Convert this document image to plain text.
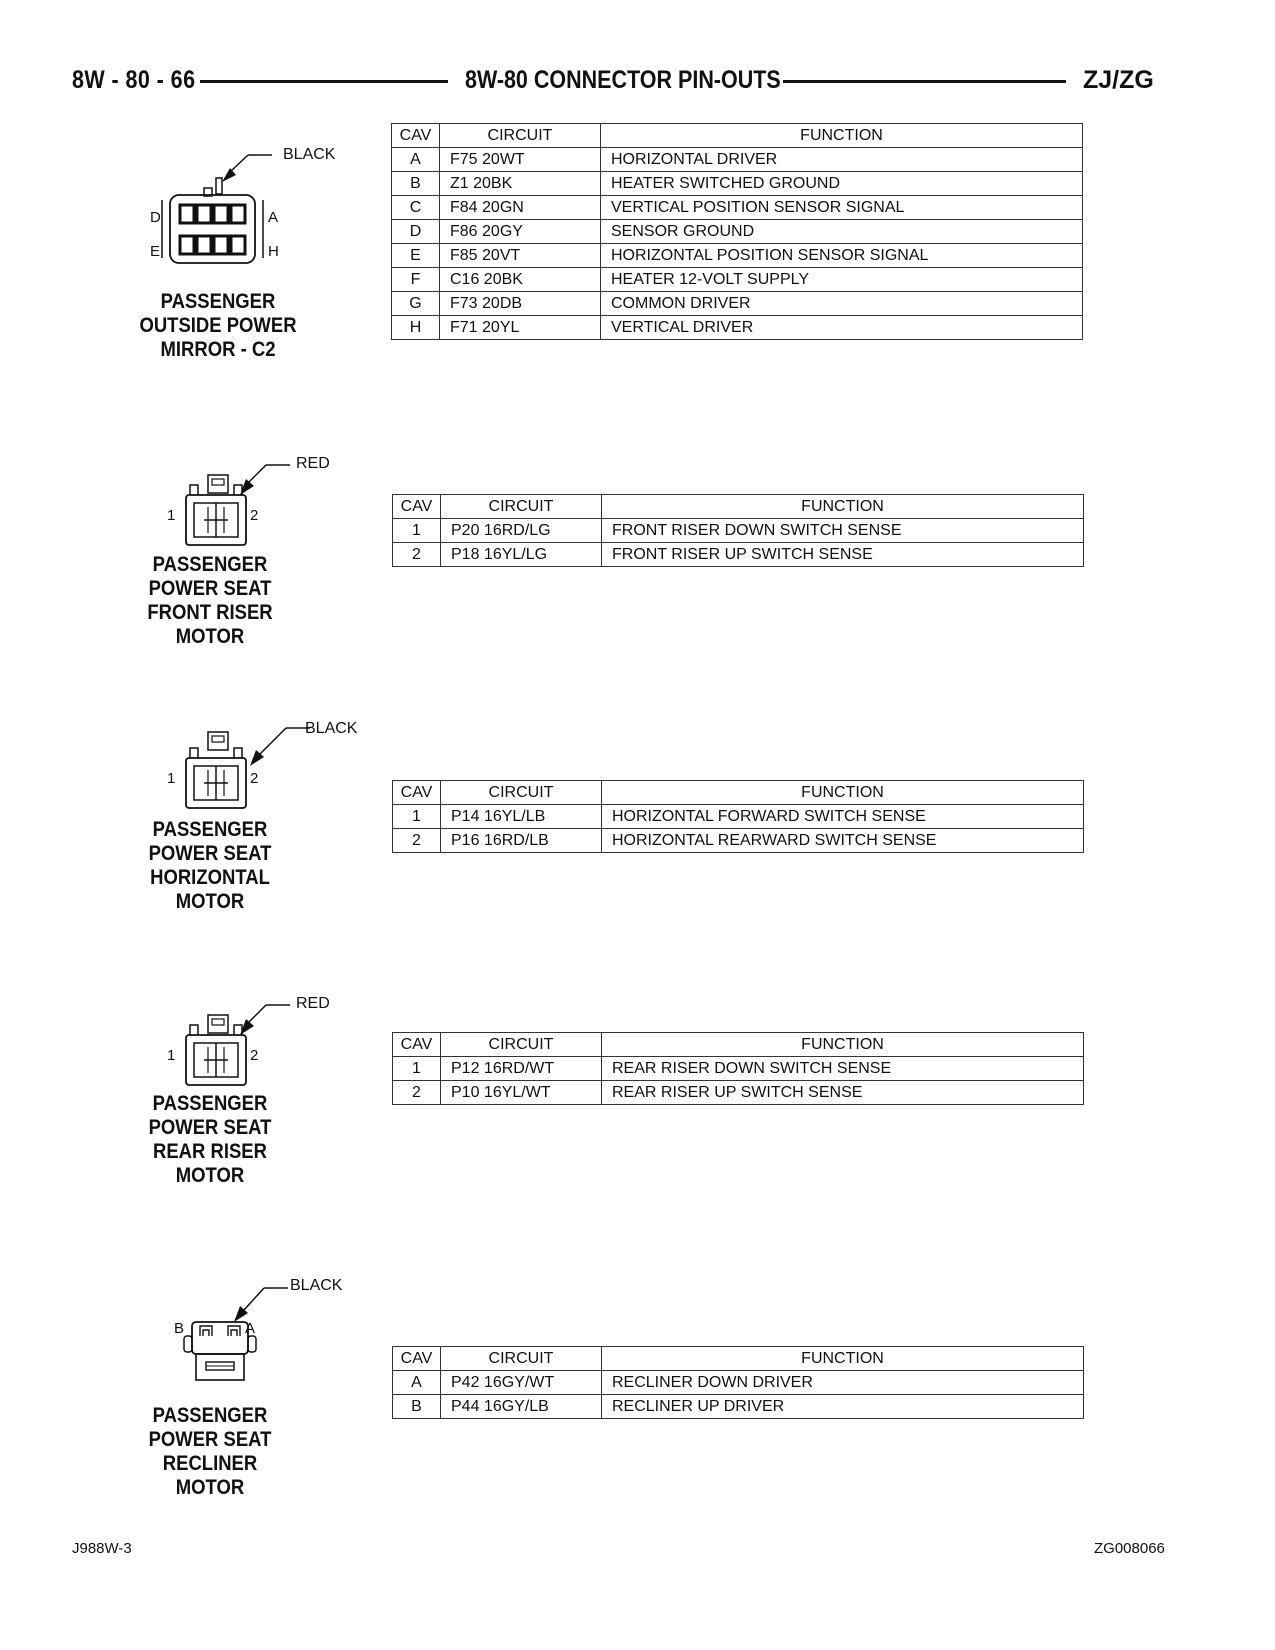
8W - 80 - 66	8W-80 CONNECTOR PIN-OUTS	ZJ/ZG
BLACK
D	A
E	H
PASSENGER
OUTSIDE POWER
MIRROR - C2
CAV	CIRCUIT	FUNCTION
A	F75 20WT	HORIZONTAL DRIVER
B	Z1 20BK	HEATER SWITCHED GROUND
C	F84 20GN	VERTICAL POSITION SENSOR SIGNAL
D	F86 20GY	SENSOR GROUND
E	F85 20VT	HORIZONTAL POSITION SENSOR SIGNAL
F	C16 20BK	HEATER 12-VOLT SUPPLY
G	F73 20DB	COMMON DRIVER
H	F71 20YL	VERTICAL DRIVER
RED
1	2
PASSENGER
POWER SEAT
FRONT RISER
MOTOR
CAV	CIRCUIT	FUNCTION
1	P20 16RD/LG	FRONT RISER DOWN SWITCH SENSE
2	P18 16YL/LG	FRONT RISER UP SWITCH SENSE
BLACK
1	2
PASSENGER
POWER SEAT
HORIZONTAL
MOTOR
CAV	CIRCUIT	FUNCTION
1	P14 16YL/LB	HORIZONTAL FORWARD SWITCH SENSE
2	P16 16RD/LB	HORIZONTAL REARWARD SWITCH SENSE
RED
1	2
PASSENGER
POWER SEAT
REAR RISER
MOTOR
CAV	CIRCUIT	FUNCTION
1	P12 16RD/WT	REAR RISER DOWN SWITCH SENSE
2	P10 16YL/WT	REAR RISER UP SWITCH SENSE
BLACK
B	A
PASSENGER
POWER SEAT
RECLINER
MOTOR
CAV	CIRCUIT	FUNCTION
A	P42 16GY/WT	RECLINER DOWN DRIVER
B	P44 16GY/LB	RECLINER UP DRIVER
J988W-3	ZG008066
